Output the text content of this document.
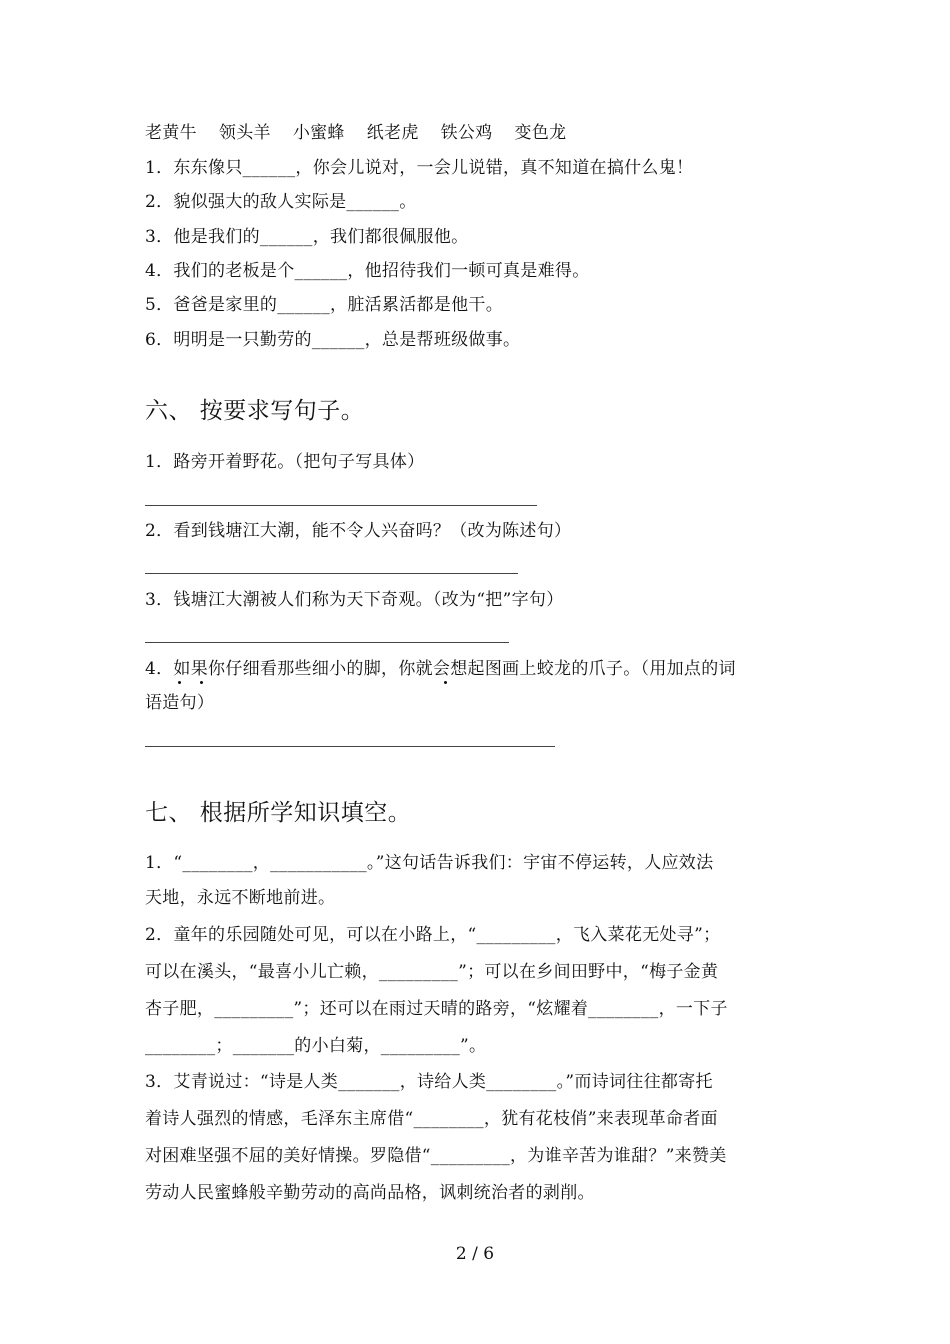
老黄牛 领头羊 小蜜蜂 纸老虎 铁公鸡 变色龙
1．东东像只______，你会儿说对，一会儿说错，真不知道在搞什么鬼！
2．貌似强大的敌人实际是______。
3．他是我们的______，我们都很佩服他。
4．我们的老板是个______，他招待我们一顿可真是难得。
5．爸爸是家里的______，脏活累活都是他干。
6．明明是一只勤劳的______，总是帮班级做事。
六、 按要求写句子。
1．路旁开着野花。（把句子写具体）
2．看到钱塘江大潮，能不令人兴奋吗？（改为陈述句）
3．钱塘江大潮被人们称为天下奇观。（改为“把”字句）
4．如果你仔细看那些细小的脚，你就会想起图画上蛟龙的爪子。（用加点的词
语造句）
七、 根据所学知识填空。
1．“________，___________。”这句话告诉我们：宇宙不停运转，人应效法
天地，永远不断地前进。
2．童年的乐园随处可见，可以在小路上，“_________，飞入菜花无处寻”；
可以在溪头，“最喜小儿亡赖，_________”；可以在乡间田野中，“梅子金黄
杏子肥，_________”；还可以在雨过天晴的路旁，“炫耀着________，一下子
________；_______的小白菊，_________”。
3．艾青说过：“诗是人类_______，诗给人类________。”而诗词往往都寄托
着诗人强烈的情感，毛泽东主席借“________，犹有花枝俏”来表现革命者面
对困难坚强不屈的美好情操。罗隐借“_________，为谁辛苦为谁甜？”来赞美
劳动人民蜜蜂般辛勤劳动的高尚品格，讽刺统治者的剥削。
2 / 6
